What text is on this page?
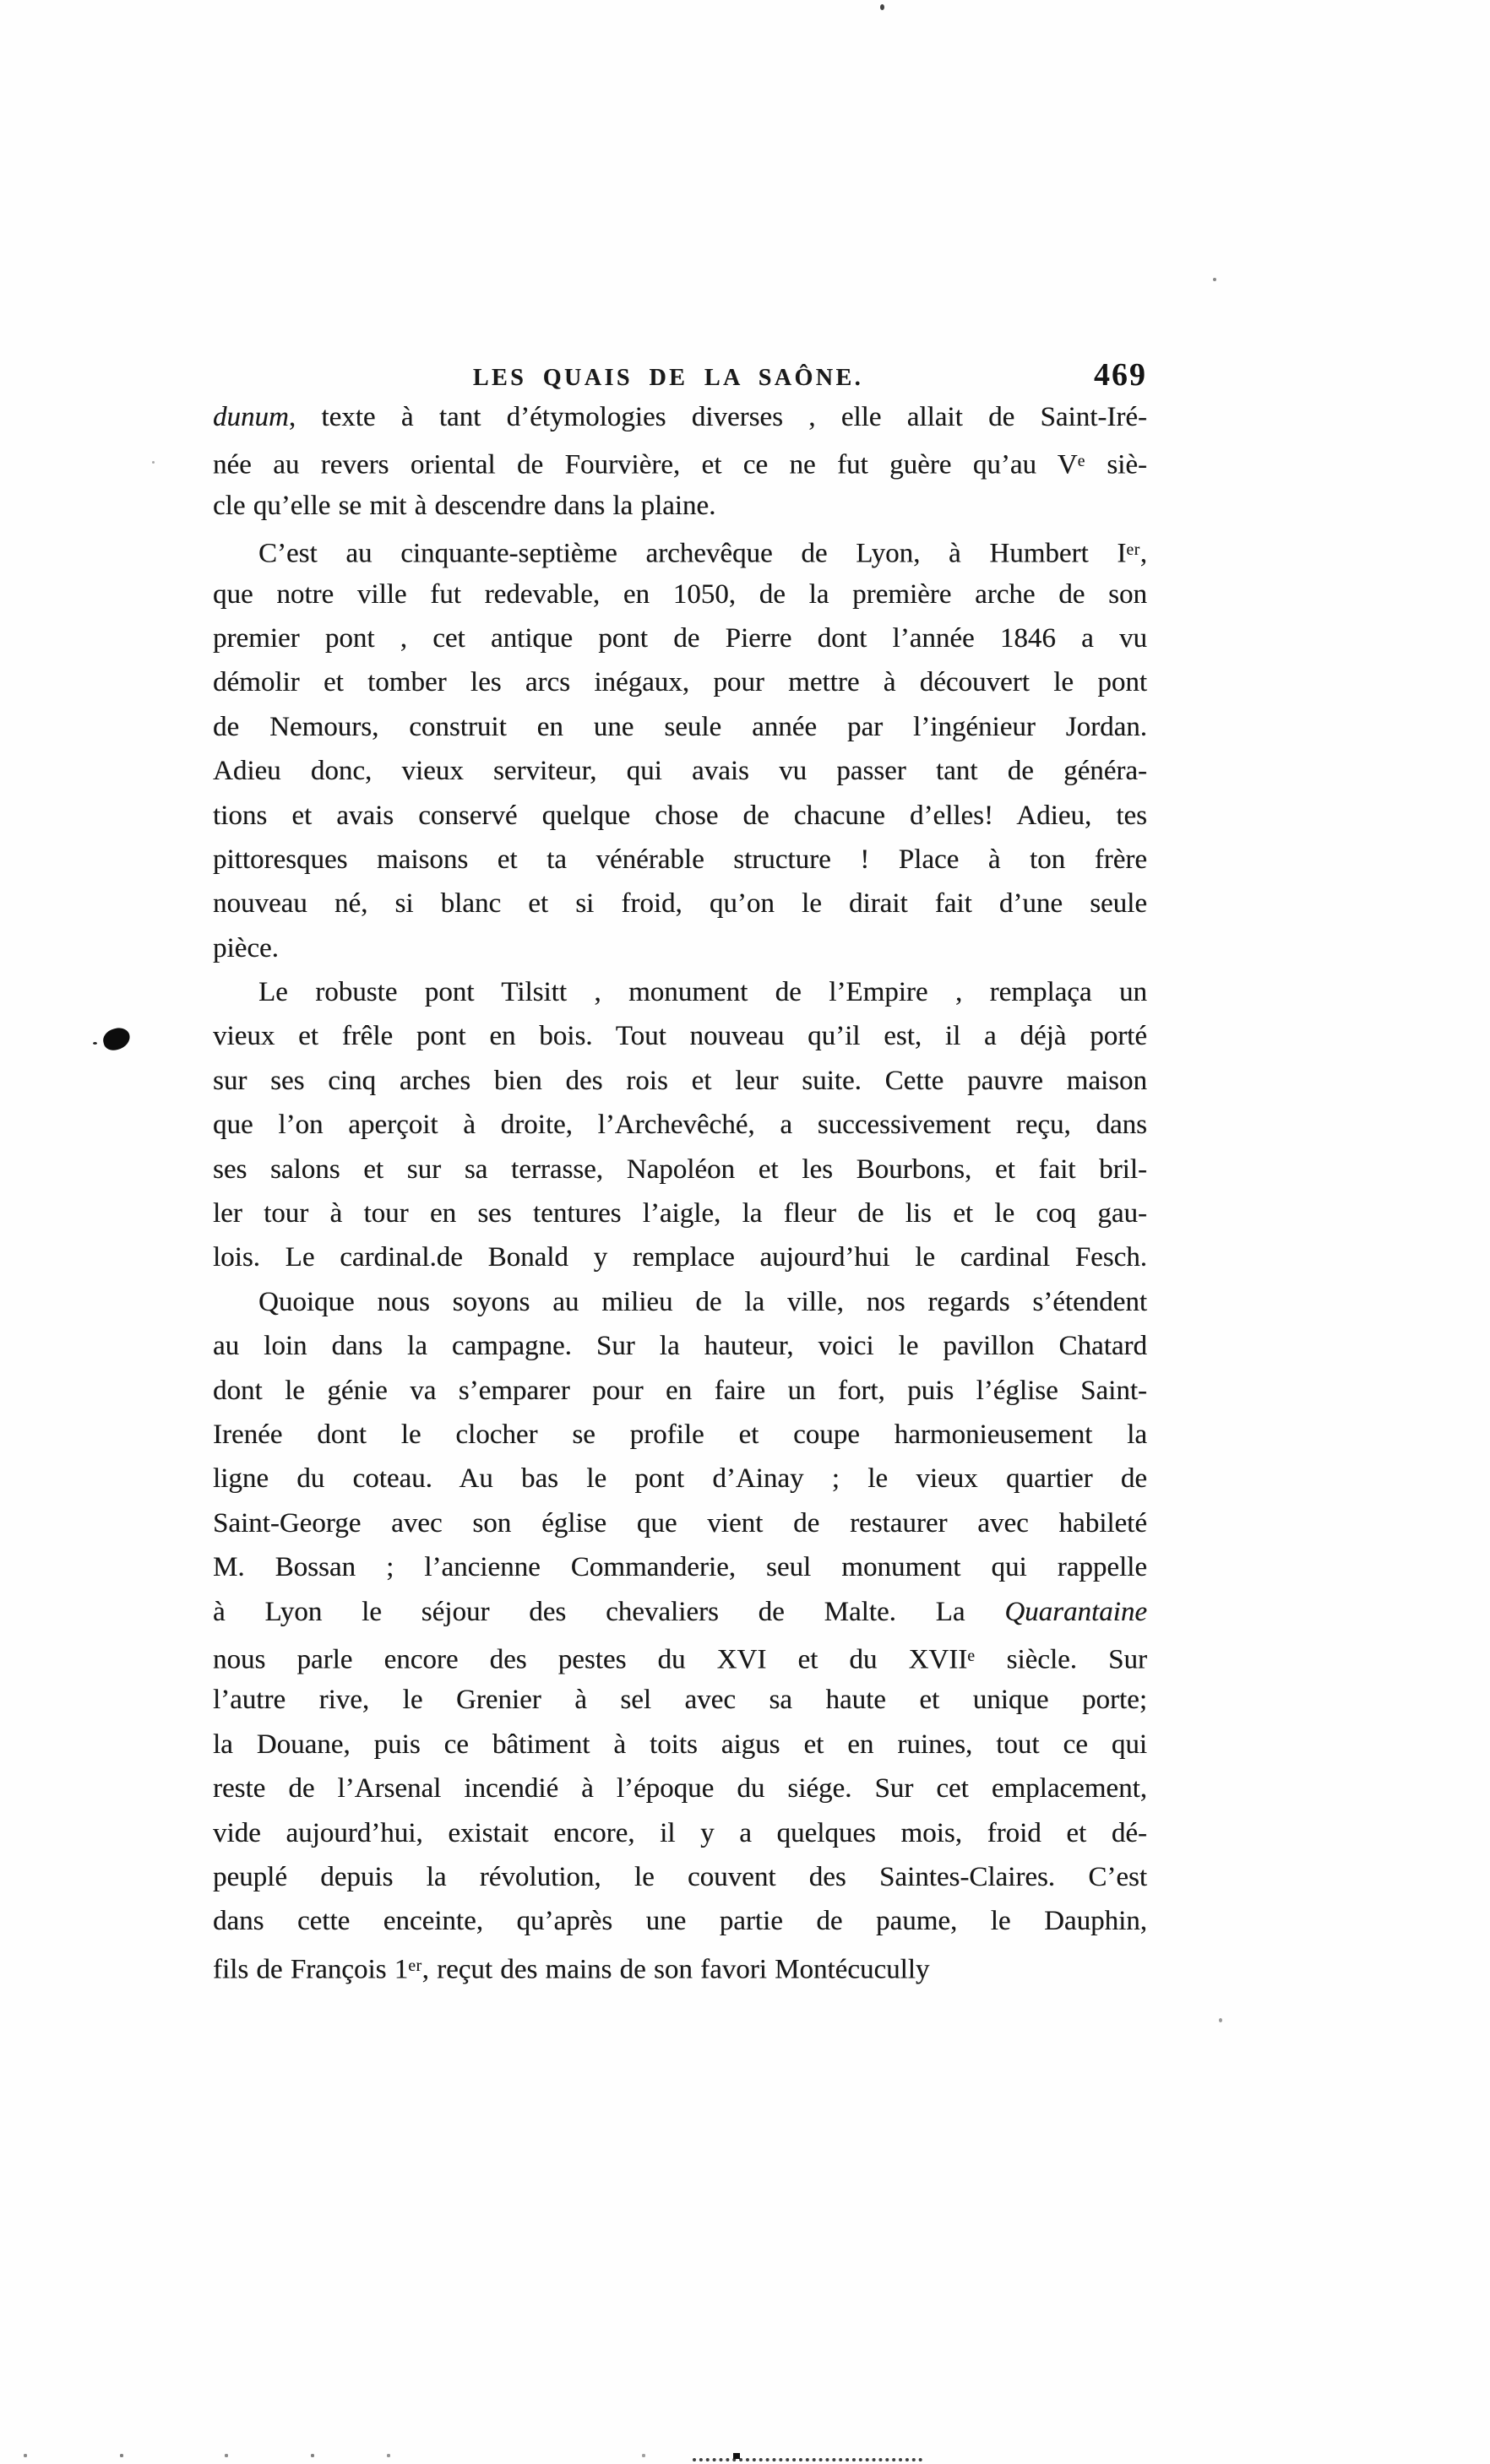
LES QUAIS DE LA SAÔNE.	469
dunum, texte à tant d’étymologies diverses , elle allait de Saint-Iré-
née au revers oriental de Fourvière, et ce ne fut guère qu’au Ve siè-
cle qu’elle se mit à descendre dans la plaine.
C’est au cinquante-septième archevêque de Lyon, à Humbert Ier,
que notre ville fut redevable, en 1050, de la première arche de son
premier pont , cet antique pont de Pierre dont l’année 1846 a vu
démolir et tomber les arcs inégaux, pour mettre à découvert le pont
de Nemours, construit en une seule année par l’ingénieur Jordan.
Adieu donc, vieux serviteur, qui avais vu passer tant de généra-
tions et avais conservé quelque chose de chacune d’elles! Adieu, tes
pittoresques maisons et ta vénérable structure ! Place à ton frère
nouveau né, si blanc et si froid, qu’on le dirait fait d’une seule
pièce.
Le robuste pont Tilsitt , monument de l’Empire , remplaça un
vieux et frêle pont en bois. Tout nouveau qu’il est, il a déjà porté
sur ses cinq arches bien des rois et leur suite. Cette pauvre maison
que l’on aperçoit à droite, l’Archevêché, a successivement reçu, dans
ses salons et sur sa terrasse, Napoléon et les Bourbons, et fait bril-
ler tour à tour en ses tentures l’aigle, la fleur de lis et le coq gau-
lois. Le cardinal.de Bonald y remplace aujourd’hui le cardinal Fesch.
Quoique nous soyons au milieu de la ville, nos regards s’étendent
au loin dans la campagne. Sur la hauteur, voici le pavillon Chatard
dont le génie va s’emparer pour en faire un fort, puis l’église Saint-
Irenée dont le clocher se profile et coupe harmonieusement la
ligne du coteau. Au bas le pont d’Ainay ; le vieux quartier de
Saint-George avec son église que vient de restaurer avec habileté
M. Bossan ; l’ancienne Commanderie, seul monument qui rappelle
à Lyon le séjour des chevaliers de Malte. La Quarantaine
nous parle encore des pestes du XVI et du XVIIe siècle. Sur
l’autre rive, le Grenier à sel avec sa haute et unique porte;
la Douane, puis ce bâtiment à toits aigus et en ruines, tout ce qui
reste de l’Arsenal incendié à l’époque du siége. Sur cet emplacement,
vide aujourd’hui, existait encore, il y a quelques mois, froid et dé-
peuplé depuis la révolution, le couvent des Saintes-Claires. C’est
dans cette enceinte, qu’après une partie de paume, le Dauphin,
fils de François 1er, reçut des mains de son favori Montécucully
